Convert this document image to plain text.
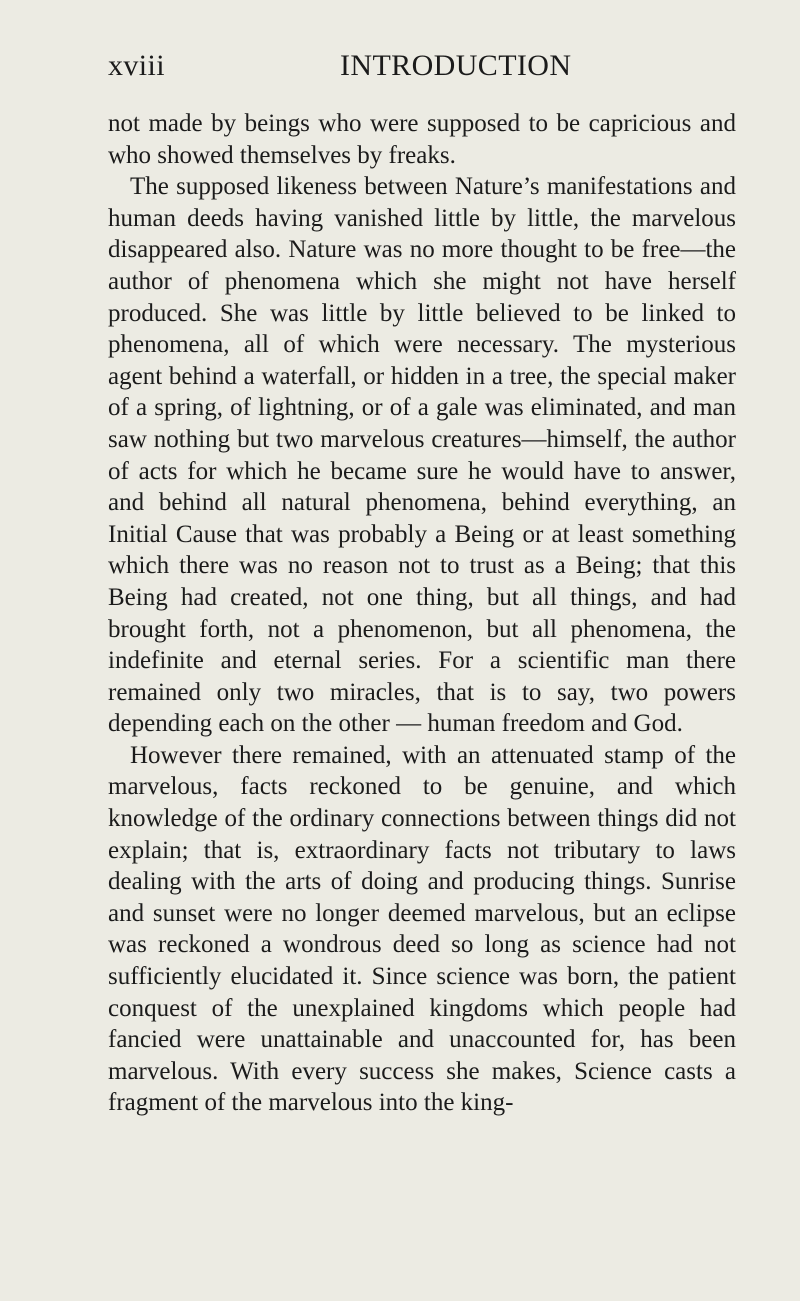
xviii	INTRODUCTION

not made by beings who were supposed to be capricious and who showed themselves by freaks.

The supposed likeness between Nature’s manifestations and human deeds having vanished little by little, the marvelous disappeared also. Nature was no more thought to be free—the author of phenomena which she might not have herself produced. She was little by little believed to be linked to phenomena, all of which were necessary. The mysterious agent behind a waterfall, or hidden in a tree, the special maker of a spring, of lightning, or of a gale was eliminated, and man saw nothing but two marvelous creatures—himself, the author of acts for which he became sure he would have to answer, and behind all natural phenomena, behind everything, an Initial Cause that was probably a Being or at least something which there was no reason not to trust as a Being; that this Being had created, not one thing, but all things, and had brought forth, not a phenomenon, but all phenomena, the indefinite and eternal series. For a scientific man there remained only two miracles, that is to say, two powers depending each on the other — human freedom and God.

However there remained, with an attenuated stamp of the marvelous, facts reckoned to be genuine, and which knowledge of the ordinary connections between things did not explain; that is, extraordinary facts not tributary to laws dealing with the arts of doing and producing things. Sunrise and sunset were no longer deemed marvelous, but an eclipse was reckoned a wondrous deed so long as science had not sufficiently elucidated it. Since science was born, the patient conquest of the unexplained kingdoms which people had fancied were unattainable and unaccounted for, has been marvelous. With every success she makes, Science casts a fragment of the marvelous into the king-
